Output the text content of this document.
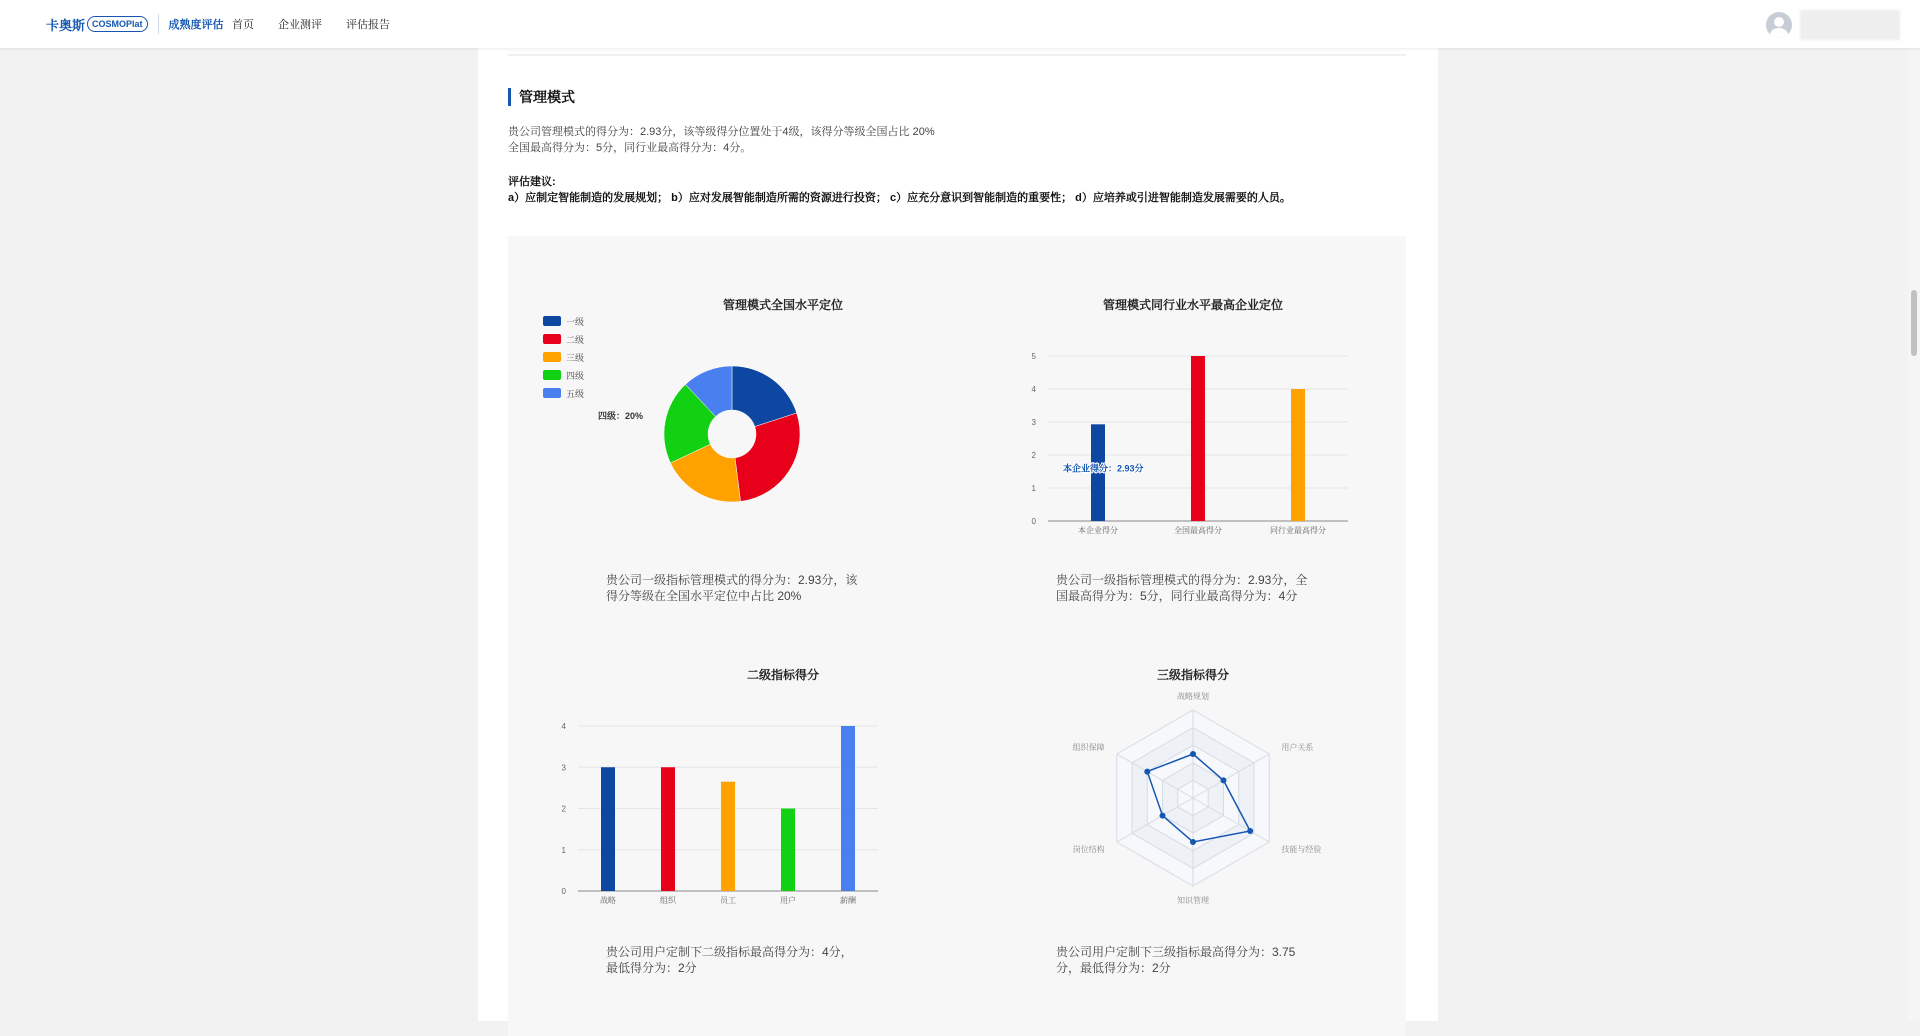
卡奥斯 COSMOPlat	成熟度评估 首页 企业测评 评估报告
管理模式
贵公司管理模式的得分为：2.93分，该等级得分位置处于4级，该得分等级全国占比 20%
全国最高得分为：5分，同行业最高得分为：4分。
评估建议:
a）应制定智能制造的发展规划； b）应对发展智能制造所需的资源进行投资； c）应充分意识到智能制造的重要性； d）应培养或引进智能制造发展需要的人员。
管理模式全国水平定位
一级
二级
三级
四级
五级
四级：20%
贵公司一级指标管理模式的得分为：2.93分，该
得分等级在全国水平定位中占比 20%
管理模式同行业水平最高企业定位
0
1
2
3
4
5
本企业得分	全国最高得分	同行业最高得分
本企业得分：2.93分
贵公司一级指标管理模式的得分为：2.93分，全
国最高得分为：5分，同行业最高得分为：4分
二级指标得分
0
1
2
3
4
战略	组织	员工	用户	薪酬
贵公司用户定制下二级指标最高得分为：4分，
最低得分为：2分
三级指标得分
战略规划
用户关系
技能与经验
知识管理
岗位结构
组织保障
贵公司用户定制下三级指标最高得分为：3.75
分，最低得分为：2分
